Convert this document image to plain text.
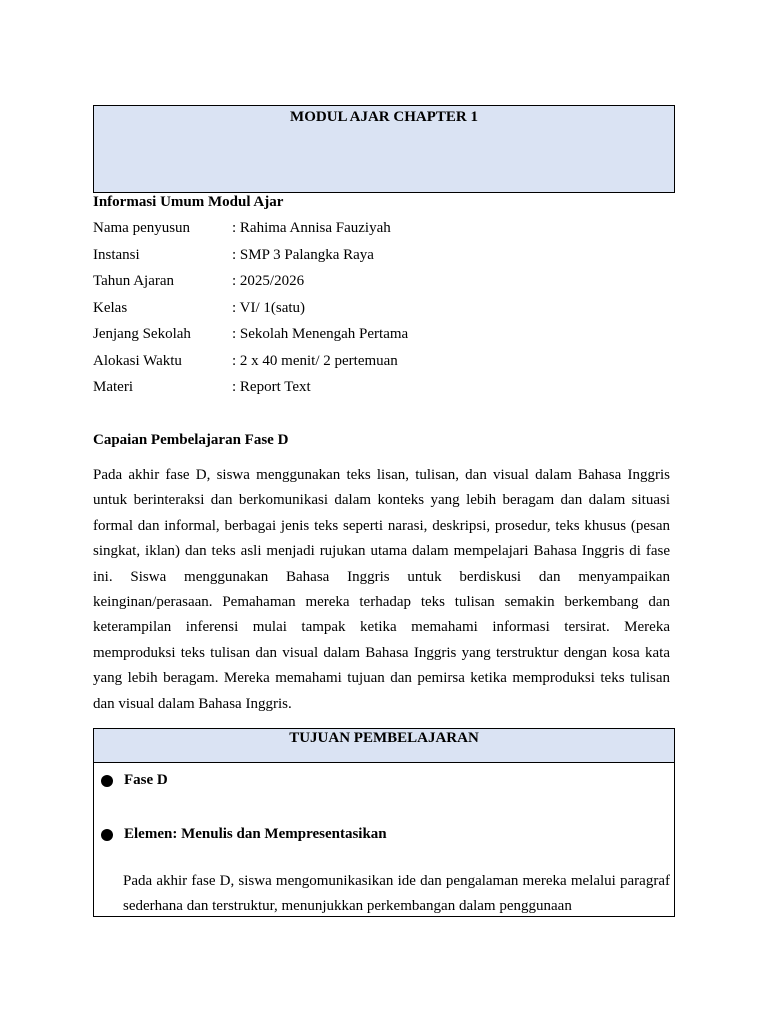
MODUL AJAR CHAPTER 1
Informasi Umum Modul Ajar
Nama penyusun	: Rahima Annisa Fauziyah
Instansi	: SMP 3 Palangka Raya
Tahun Ajaran	: 2025/2026
Kelas	: VI/ 1(satu)
Jenjang Sekolah	: Sekolah Menengah Pertama
Alokasi Waktu	: 2 x 40 menit/ 2 pertemuan
Materi	: Report Text
Capaian Pembelajaran Fase D

Pada akhir fase D, siswa menggunakan teks lisan, tulisan, dan visual dalam Bahasa Inggris untuk berinteraksi dan berkomunikasi dalam konteks yang lebih beragam dan dalam situasi formal dan informal, berbagai jenis teks seperti narasi, deskripsi, prosedur, teks khusus (pesan singkat, iklan) dan teks asli menjadi rujukan utama dalam mempelajari Bahasa Inggris di fase ini. Siswa menggunakan Bahasa Inggris untuk berdiskusi dan menyampaikan keinginan/perasaan. Pemahaman mereka terhadap teks tulisan semakin berkembang dan keterampilan inferensi mulai tampak ketika memahami informasi tersirat. Mereka memproduksi teks tulisan dan visual dalam Bahasa Inggris yang terstruktur dengan kosa kata yang lebih beragam. Mereka memahami tujuan dan pemirsa ketika memproduksi teks tulisan dan visual dalam Bahasa Inggris.

TUJUAN PEMBELAJARAN
Fase D
Elemen: Menulis dan Mempresentasikan

Pada akhir fase D, siswa mengomunikasikan ide dan pengalaman mereka melalui paragraf sederhana dan terstruktur, menunjukkan perkembangan dalam penggunaan
